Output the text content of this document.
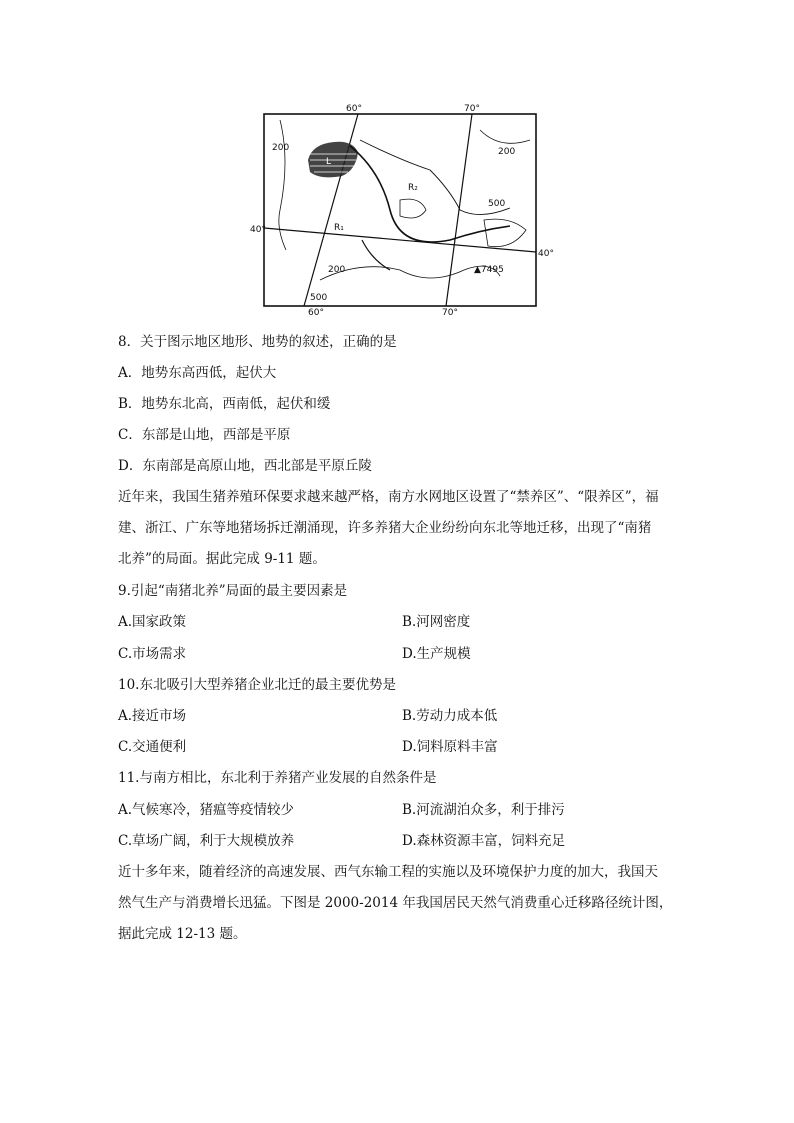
60°	70°
60°	70°
40°
40°
200	200
200
500
500
R₁
R₂
L
▲7495
8．关于图示地区地形、地势的叙述，正确的是
A．地势东高西低，起伏大
B．地势东北高，西南低，起伏和缓
C．东部是山地，西部是平原
D．东南部是高原山地，西北部是平原丘陵
近年来，我国生猪养殖环保要求越来越严格，南方水网地区设置了“禁养区”、“限养区”，福
建、浙江、广东等地猪场拆迁潮涌现，许多养猪大企业纷纷向东北等地迁移，出现了“南猪
北养”的局面。据此完成 9-11 题。
9.引起“南猪北养”局面的最主要因素是
A.国家政策	B.河网密度
C.市场需求	D.生产规模
10.东北吸引大型养猪企业北迁的最主要优势是
A.接近市场	B.劳动力成本低
C.交通便利	D.饲料原料丰富
11.与南方相比，东北利于养猪产业发展的自然条件是
A.气候寒冷，猪瘟等疫情较少	B.河流湖泊众多，利于排污
C.草场广阔，利于大规模放养	D.森林资源丰富，饲料充足
近十多年来，随着经济的高速发展、西气东输工程的实施以及环境保护力度的加大，我国天
然气生产与消费增长迅猛。下图是 2000-2014 年我国居民天然气消费重心迁移路径统计图，
据此完成 12-13 题。
